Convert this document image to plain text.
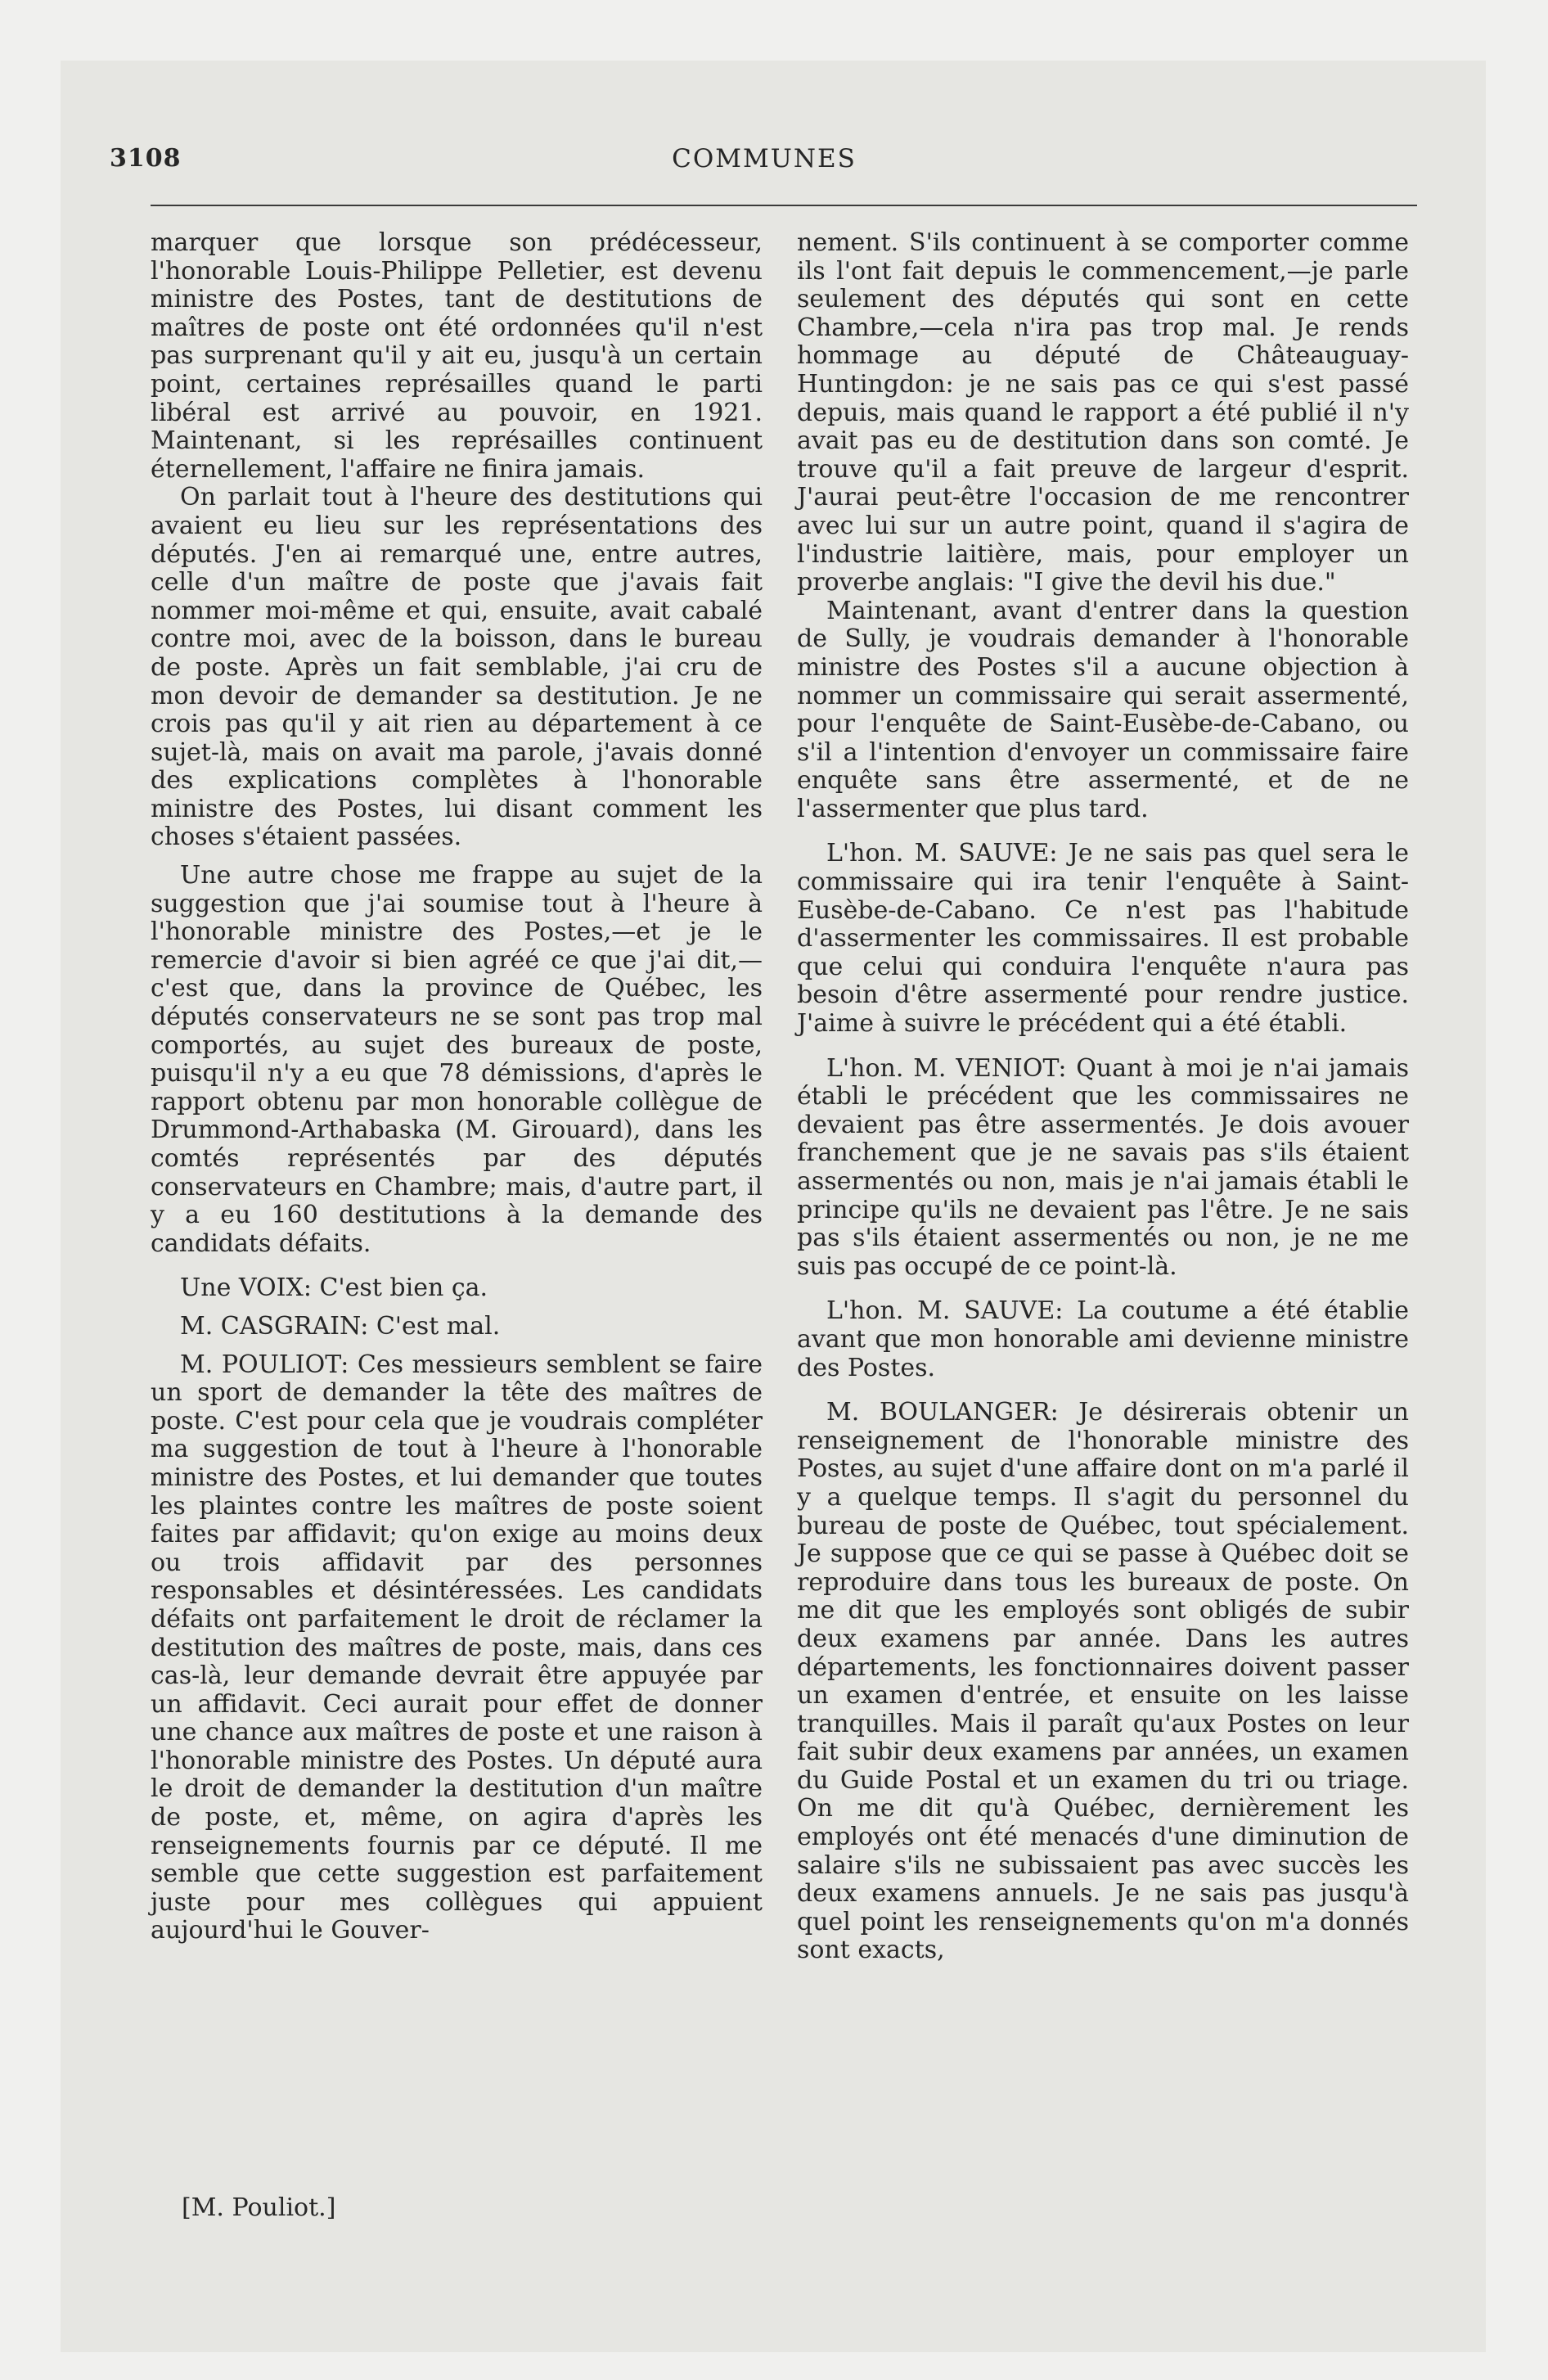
3108	COMMUNES

marquer que lorsque son prédécesseur, l'honorable Louis-Philippe Pelletier, est devenu ministre des Postes, tant de destitutions de maîtres de poste ont été ordonnées qu'il n'est pas surprenant qu'il y ait eu, jusqu'à un certain point, certaines représailles quand le parti libéral est arrivé au pouvoir, en 1921. Maintenant, si les représailles continuent éternellement, l'affaire ne finira jamais.

On parlait tout à l'heure des destitutions qui avaient eu lieu sur les représentations des députés. J'en ai remarqué une, entre autres, celle d'un maître de poste que j'avais fait nommer moi-même et qui, ensuite, avait cabalé contre moi, avec de la boisson, dans le bureau de poste. Après un fait semblable, j'ai cru de mon devoir de demander sa destitution. Je ne crois pas qu'il y ait rien au département à ce sujet-là, mais on avait ma parole, j'avais donné des explications complètes à l'honorable ministre des Postes, lui disant comment les choses s'étaient passées.

Une autre chose me frappe au sujet de la suggestion que j'ai soumise tout à l'heure à l'honorable ministre des Postes,—et je le remercie d'avoir si bien agréé ce que j'ai dit,—c'est que, dans la province de Québec, les députés conservateurs ne se sont pas trop mal comportés, au sujet des bureaux de poste, puisqu'il n'y a eu que 78 démissions, d'après le rapport obtenu par mon honorable collègue de Drummond-Arthabaska (M. Girouard), dans les comtés représentés par des députés conservateurs en Chambre; mais, d'autre part, il y a eu 160 destitutions à la demande des candidats défaits.

Une VOIX: C'est bien ça.

M. CASGRAIN: C'est mal.

M. POULIOT: Ces messieurs semblent se faire un sport de demander la tête des maîtres de poste. C'est pour cela que je voudrais compléter ma suggestion de tout à l'heure à l'honorable ministre des Postes, et lui demander que toutes les plaintes contre les maîtres de poste soient faites par affidavit; qu'on exige au moins deux ou trois affidavit par des personnes responsables et désintéressées. Les candidats défaits ont parfaitement le droit de réclamer la destitution des maîtres de poste, mais, dans ces cas-là, leur demande devrait être appuyée par un affidavit. Ceci aurait pour effet de donner une chance aux maîtres de poste et une raison à l'honorable ministre des Postes. Un député aura le droit de demander la destitution d'un maître de poste, et, même, on agira d'après les renseignements fournis par ce député. Il me semble que cette suggestion est parfaitement juste pour mes collègues qui appuient aujourd'hui le Gouver-

nement. S'ils continuent à se comporter comme ils l'ont fait depuis le commencement,—je parle seulement des députés qui sont en cette Chambre,—cela n'ira pas trop mal. Je rends hommage au député de Châteauguay-Huntingdon: je ne sais pas ce qui s'est passé depuis, mais quand le rapport a été publié il n'y avait pas eu de destitution dans son comté. Je trouve qu'il a fait preuve de largeur d'esprit. J'aurai peut-être l'occasion de me rencontrer avec lui sur un autre point, quand il s'agira de l'industrie laitière, mais, pour employer un proverbe anglais: "I give the devil his due."

Maintenant, avant d'entrer dans la question de Sully, je voudrais demander à l'honorable ministre des Postes s'il a aucune objection à nommer un commissaire qui serait assermenté, pour l'enquête de Saint-Eusèbe-de-Cabano, ou s'il a l'intention d'envoyer un commissaire faire enquête sans être assermenté, et de ne l'assermenter que plus tard.

L'hon. M. SAUVE: Je ne sais pas quel sera le commissaire qui ira tenir l'enquête à Saint-Eusèbe-de-Cabano. Ce n'est pas l'habitude d'assermenter les commissaires. Il est probable que celui qui conduira l'enquête n'aura pas besoin d'être assermenté pour rendre justice. J'aime à suivre le précédent qui a été établi.

L'hon. M. VENIOT: Quant à moi je n'ai jamais établi le précédent que les commissaires ne devaient pas être assermentés. Je dois avouer franchement que je ne savais pas s'ils étaient assermentés ou non, mais je n'ai jamais établi le principe qu'ils ne devaient pas l'être. Je ne sais pas s'ils étaient assermentés ou non, je ne me suis pas occupé de ce point-là.

L'hon. M. SAUVE: La coutume a été établie avant que mon honorable ami devienne ministre des Postes.

M. BOULANGER: Je désirerais obtenir un renseignement de l'honorable ministre des Postes, au sujet d'une affaire dont on m'a parlé il y a quelque temps. Il s'agit du personnel du bureau de poste de Québec, tout spécialement. Je suppose que ce qui se passe à Québec doit se reproduire dans tous les bureaux de poste. On me dit que les employés sont obligés de subir deux examens par année. Dans les autres départements, les fonctionnaires doivent passer un examen d'entrée, et ensuite on les laisse tranquilles. Mais il paraît qu'aux Postes on leur fait subir deux examens par années, un examen du Guide Postal et un examen du tri ou triage. On me dit qu'à Québec, dernièrement les employés ont été menacés d'une diminution de salaire s'ils ne subissaient pas avec succès les deux examens annuels. Je ne sais pas jusqu'à quel point les renseignements qu'on m'a donnés sont exacts,

[M. Pouliot.]
